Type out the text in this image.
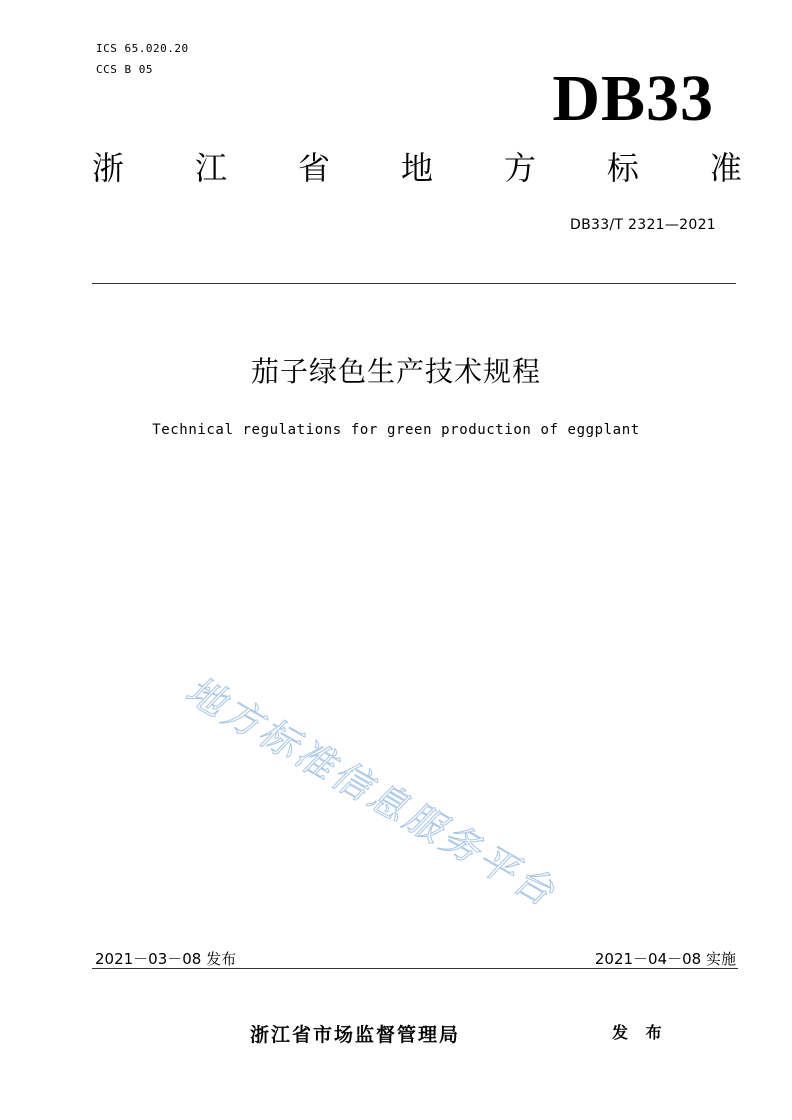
ICS 65.020.20
CCS B 05	DB33
浙 江 省 地 方 标 准
DB33/T 2321—2021
茄子绿色生产技术规程
Technical regulations for green production of eggplant
地方标准信息服务平台
2021－03－08 发布	2021－04－08 实施
浙江省市场监督管理局	发 布
